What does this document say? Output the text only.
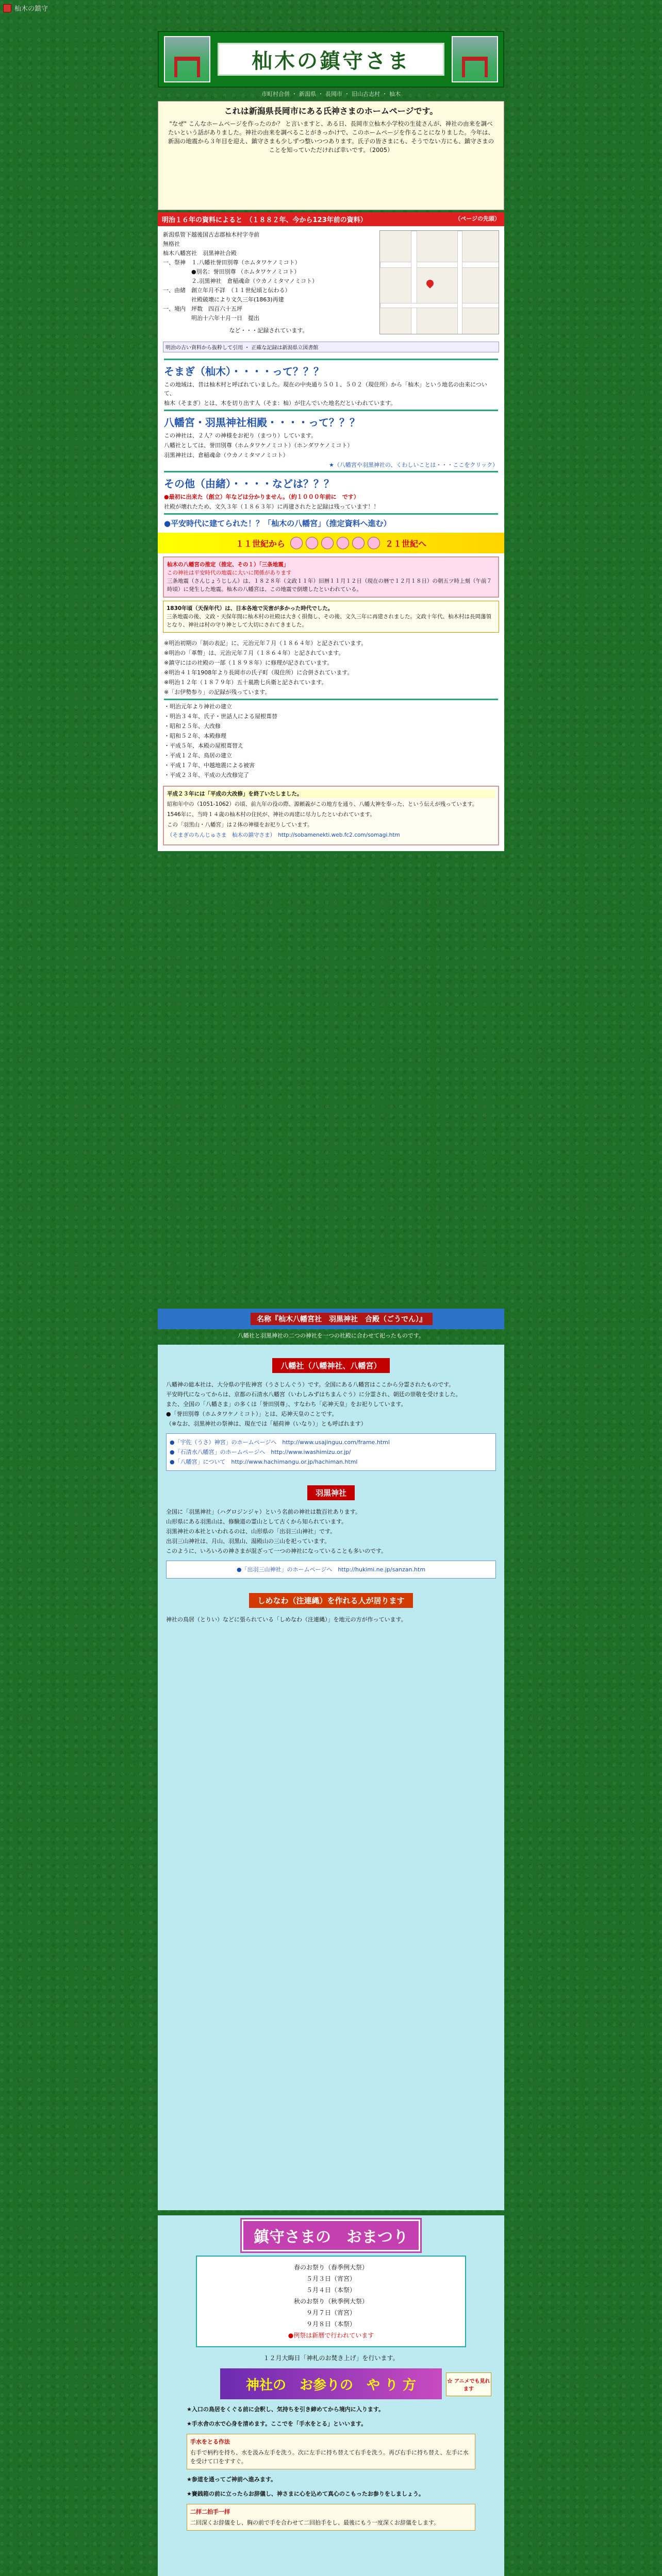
杣木の鎮守
杣木の鎮守さま
市町村合併 ・ 新潟県 ・ 長岡市 ・ 旧山古志村 ・ 杣木
これは新潟県長岡市にある氏神さまのホームページです。

"なぜ" こんなホームページを作ったのか？ と言いますと、ある日、長岡市立杣木小学校の生徒さんが、神社の由来を調べたいという話がありました。神社の由来を調べることがきっかけで、このホームページを作ることになりました。今年は、新潟の地震から３年目を迎え、鎮守さまも少しずつ整いつつあります。氏子の皆さまにも、そうでない方にも、鎮守さまのことを知っていただければ幸いです。（2005）

明治１６年の資料によると　（１８８２年、今から123年前の資料）	（ページの先頭）
新潟県管下越後国古志郡杣木村字寺前
無格社
杣木八幡宮社　羽黒神社合殿
一、祭神　１.八幡社誉田別尊（ホムタワケノミコト）
　　　　　●別名：誉田別尊 （ホムタワケノミコト）
　　　　　２.羽黒神社　倉稲魂命（ウカノミタマノミコト）
一、由緒　創立年月不詳　（１１世紀頃と伝わる）
　　　　　社殿破壊により文久三年(1863)再建
一、境内　坪数　四百六十五坪
　　　　　明治十六年十月一日　提出
など・・・記録されています。
明治の古い資料から抜粋して引用 ・ 正確な記録は新潟県立図書館
そまぎ（杣木）・・・・って？？？

この地域は、昔は杣木村と呼ばれていました。現在の中央通り５０１、５０２（現住所）から「杣木」という地名の由来について、

杣木（そまぎ）とは、木を切り出す人（そま：杣）が住んでいた地名だといわれています。

八幡宮・羽黒神社相殿・・・・って？？？

この神社は、２人？の神様をお祀り（まつり）しています。

八幡社としては、誉田別尊（ホムタワケノミコト）（ホンダワケノミコト）

羽黒神社は、倉稲魂命（ウカノミタマノミコト）

★（八幡宮や羽黒神社の、くわしいことは・・・ここをクリック）
その他（由緒）・・・・などは？？？

●最初に出来た（創立）年などは分かりません。（約１０００年前に　です）

社殿が壊れたため、文久３年（１８６３年）に再建されたと記録は残っています！！

●平安時代に建てられた！？「杣木の八幡宮」（推定資料へ進む）
１１世紀から	２１世紀へ
杣木の八幡宮の推定（推定、その１）「三条地震」
この神社は平安時代の地震に大いに関係があります
三条地震（さんじょうじしん）は、１８２８年（文政１１年）旧暦１１月１２日（現在の暦で１２月１８日）の朝五ツ時上刻（午前７時頃）に発生した地震。杣木の八幡宮は、この地震で倒壊したといわれている。
1830年頃（天保年代）は、日本各地で災害が多かった時代でした。
三条地震の後、文政・天保年間に杣木村の社殿は大きく損傷し、その後、文久三年に再建されました。文政十年代、杣木村は長岡藩領となり、神社は村の守り神として大切にされてきました。

※明治初期の「制の表記」に、元治元年７月（１８６４年）と記されています。

※明治の「革幣」は、元治元年７月（１８６４年）と記されています。

※鎮守にはの社殿の一部（１８９８年）に修理が記されています。

※明治４１年1908年より長岡市の氏子町（現住所）に合併されています。

※明治１２年（１８７９年）五十嵐勘七兵衛と記されています。

※「お伊勢参り」の記録が残っています。

・明治元年より神社の建立

・明治３４年、氏子・世話人による屋根葺替

・昭和２５年、大改修

・昭和５２年、本殿修理

・平成５年、本殿の屋根葺替え

・平成１２年、鳥居の建立

・平成１７年、中越地震による被害

・平成２３年、平成の大改修完了

平成２３年には「平成の大改修」を終了いたしました。

昭和年中の（1051-1062）の頃、前九年の役の際、源頼義がこの地方を通り、八幡大神を奉った、という伝えが残っています。

1546年に、当時１４歳の杣木村の住民が、神社の再建に尽力したといわれています。

この「羽黒山・八幡宮」は２体の神様をお祀りしています。

（そまぎのちんじゅさま　杣木の鎮守さま）　http://sobamenekti.web.fc2.com/somagi.htm

名称『杣木八幡宮社　羽黒神社　合殿（ごうでん）』
八幡社と羽黒神社の二つの神社を一つの社殿に合わせて祀ったものです。
八幡社（八幡神社、八幡宮）

八幡神の総本社は、大分県の宇佐神宮（うさじんぐう）です。全国にある八幡宮はここから分霊されたものです。

平安時代になってからは、京都の石清水八幡宮（いわしみずはちまんぐう）に分霊され、朝廷の崇敬を受けました。

また、全国の「八幡さま」の多くは「誉田別尊」、すなわち「応神天皇」をお祀りしています。

●「誉田別尊（ホムタワケノミコト）」とは、応神天皇のことです。

（※なお、羽黒神社の祭神は、現在では「稲荷神（いなり）」とも呼ばれます）

●「宇佐（うさ）神宮」のホームページへ　http://www.usajinguu.com/frame.html

●「石清水八幡宮」のホームページへ　http://www.iwashimizu.or.jp/

●「八幡宮」について　http://www.hachimangu.or.jp/hachiman.html

羽黒神社

全国に「羽黒神社」（ハグロジンジャ）という名前の神社は数百社あります。

山形県にある羽黒山は、修験道の霊山として古くから知られています。

羽黒神社の本社といわれるのは、山形県の「出羽三山神社」です。

出羽三山神社は、月山、羽黒山、湯殿山の三山を祀っています。

このように、いろいろの神さまが混ざって一つの神社になっていることも多いのです。

●「出羽三山神社」のホームページへ　http://hukimi.ne.jp/sanzan.htm

しめなわ（注連縄）を作れる人が居ります

神社の鳥居（とりい）などに張られている「しめなわ（注連縄）」を地元の方が作っています。

鎮守さまの　おまつり
春のお祭り（春季例大祭）
５月３日（宵宮）
５月４日（本祭）
秋のお祭り（秋季例大祭）
９月７日（宵宮）
９月８日（本祭）
●例祭は新暦で行われています

１２月大晦日「神札のお焚き上げ」を行います。

神社の　お参りの　や り 方	☆ アニメでも見れます

★入口の鳥居をくぐる前に会釈し、気持ちを引き締めてから境内に入ります。

★手水舎の水で心身を清めます。ここでを「手水をとる」といいます。

手水をとる作法
右手で柄杓を持ち、水を汲み左手を洗う。次に左手に持ち替えて右手を洗う。再び右手に持ち替え、左手に水を受けて口をすすぐ。

★参道を通ってご神前へ進みます。

★賽銭箱の前に立ったらお辞儀し、神さまに心を込めて真心のこもったお参りをしましょう。

二拝二拍手一拝
二回深くお辞儀をし、胸の前で手を合わせて二回拍手をし、最後にもう一度深くお辞儀をします。
